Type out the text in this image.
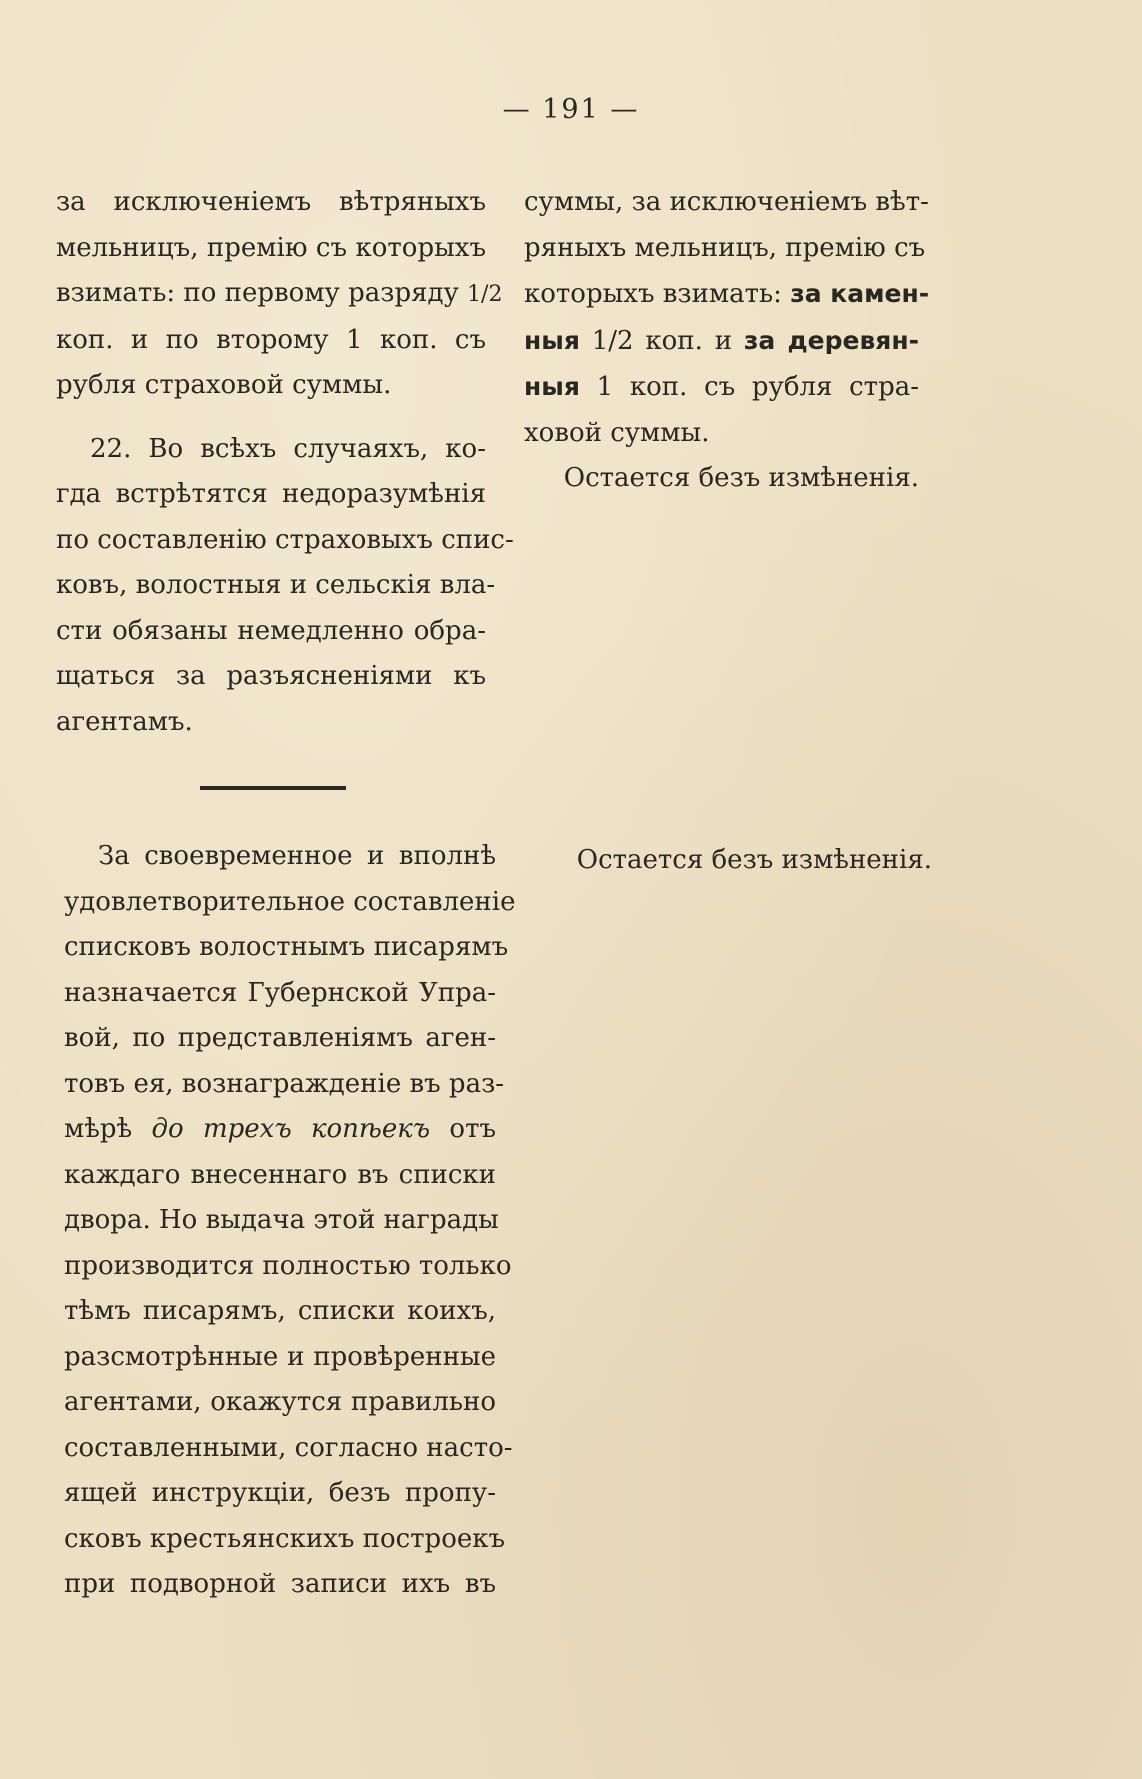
— 191 —
за исключенiемъ вѣтряныхъ
мельницъ, премiю съ которыхъ
взимать: по первому разряду 1/2
коп. и по второму 1 коп. съ
рубля страховой суммы.
22. Во всѣхъ случаяхъ, ко-
гда встрѣтятся недоразумѣнiя
по составленiю страховыхъ спис-
ковъ, волостныя и сельскiя вла-
сти обязаны немедленно обра-
щаться за разъясненiями къ
агентамъ.
суммы, за исключенiемъ вѣт-
ряныхъ мельницъ, премiю съ
которыхъ взимать: за камен-
ныя 1/2 коп. и за деревян-
ныя 1 коп. съ рубля стра-
ховой суммы.
Остается безъ измѣненiя.
За своевременное и вполнѣ
удовлетворительное составленiе
списковъ волостнымъ писарямъ
назначается Губернской Упра-
вой, по представленiямъ аген-
товъ ея, вознагражденiе въ раз-
мѣрѣ до трехъ копѣекъ отъ
каждаго внесеннаго въ списки
двора. Но выдача этой награды
производится полностью только
тѣмъ писарямъ, списки коихъ,
разсмотрѣнные и провѣренные
агентами, окажутся правильно
составленными, согласно насто-
ящей инструкцiи, безъ пропу-
сковъ крестьянскихъ построекъ
при подворной записи ихъ въ
Остается безъ измѣненiя.
